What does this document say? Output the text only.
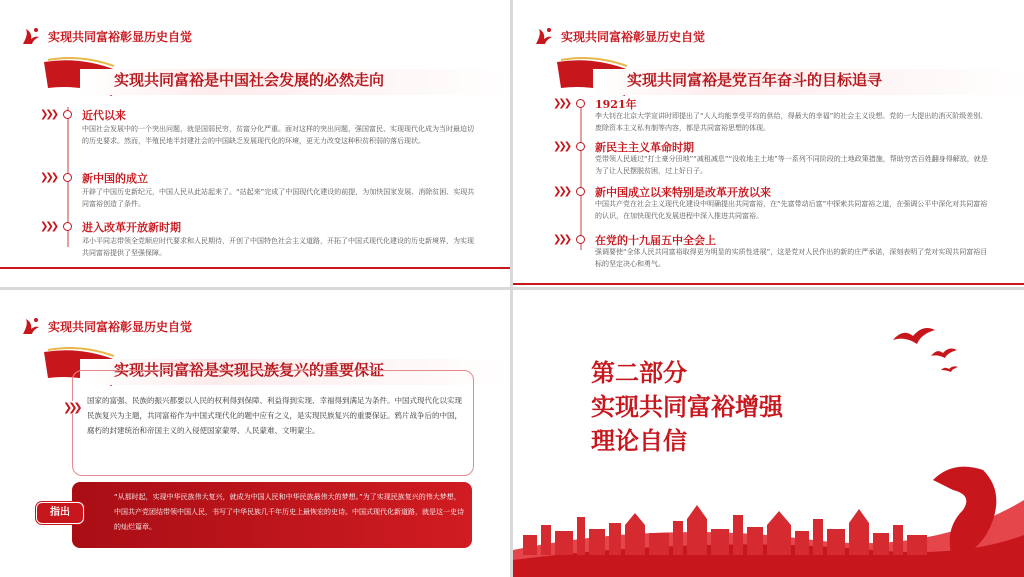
实现共同富裕彰显历史自觉
实现共同富裕是中国社会发展的必然走向
❯❯❯ 近代以来
中国社会发展中的一个突出问题，就是国弱民穷，贫富分化严重。面对这样的突出问题，强国富民、实现现代化成为当时最迫切的历史要求。然而，半殖民地半封建社会的中国缺乏发展现代化的环境，更无力改变这种积贫积弱的落后现状。
❯❯❯ 新中国的成立
开辟了中国历史新纪元，中国人民从此站起来了。“站起来”完成了中国现代化建设的前提，为加快国家发展、消除贫困、实现共同富裕创造了条件。
❯❯❯ 进入改革开放新时期
邓小平同志带领全党顺应时代要求和人民期待，开创了中国特色社会主义道路，开拓了中国式现代化建设的历史新境界，为实现共同富裕提供了坚强保障。
实现共同富裕彰显历史自觉
实现共同富裕是党百年奋斗的目标追寻
❯❯❯ 1921年
李大钊在北京大学宣讲时即提出了“人人均能享受平均的供给，得最大的幸福”的社会主义设想。党的一大提出的消灭阶级差别、废除资本主义私有制等内容，都是共同富裕思想的体现。
❯❯❯ 新民主主义革命时期
党带领人民通过“打土豪分田地”“减租减息”“没收地主土地”等一系列不同阶段的土地政策措施，帮助穷苦百姓翻身得解放，就是为了让人民摆脱贫困，过上好日子。
❯❯❯ 新中国成立以来特别是改革开放以来
中国共产党在社会主义现代化建设中明确提出共同富裕，在“先富带动后富”中探索共同富裕之道，在强调公平中深化对共同富裕的认识，在加快现代化发展进程中深入推进共同富裕。
❯❯❯ 在党的十九届五中全会上
强调要使“全体人民共同富裕取得更为明显的实质性进展”，这是党对人民作出的新的庄严承诺，深刻表明了党对实现共同富裕目标的坚定决心和勇气。
实现共同富裕彰显历史自觉
实现共同富裕是实现民族复兴的重要保证
❯❯❯
国家的富强、民族的振兴都要以人民的权利得到保障、利益得到实现、幸福得到满足为条件。中国式现代化以实现民族复兴为主题，共同富裕作为中国式现代化的题中应有之义，是实现民族复兴的重要保证。鸦片战争后的中国，腐朽的封建统治和帝国主义的入侵使国家蒙辱、人民蒙难、文明蒙尘。
“从那时起，实现中华民族伟大复兴，就成为中国人民和中华民族最伟大的梦想。”为了实现民族复兴的伟大梦想，中国共产党团结带领中国人民，书写了中华民族几千年历史上最恢宏的史诗。中国式现代化新道路，就是这一史诗的灿烂篇章。
指出
第二部分
实现共同富裕增强
理论自信
